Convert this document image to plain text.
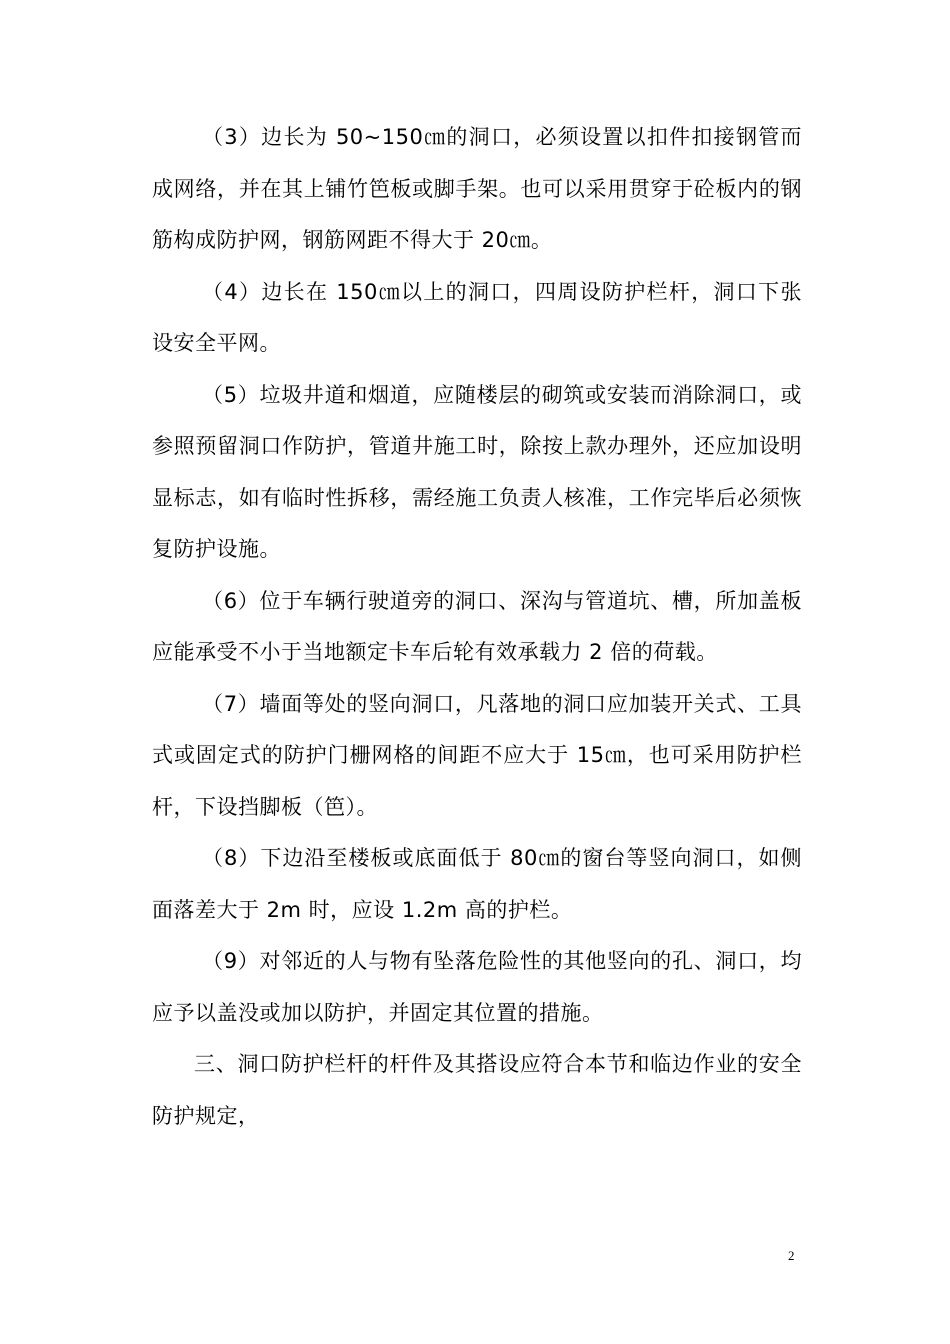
（3）边长为 50~150㎝的洞口，必须设置以扣件扣接钢管而成网络，并在其上铺竹笆板或脚手架。也可以采用贯穿于砼板内的钢筋构成防护网，钢筋网距不得大于 20㎝。

（4）边长在 150㎝以上的洞口，四周设防护栏杆，洞口下张设安全平网。

（5）垃圾井道和烟道，应随楼层的砌筑或安装而消除洞口，或参照预留洞口作防护，管道井施工时，除按上款办理外，还应加设明显标志，如有临时性拆移，需经施工负责人核准，工作完毕后必须恢复防护设施。

（6）位于车辆行驶道旁的洞口、深沟与管道坑、槽，所加盖板应能承受不小于当地额定卡车后轮有效承载力 2 倍的荷载。

（7）墙面等处的竖向洞口，凡落地的洞口应加装开关式、工具式或固定式的防护门栅网格的间距不应大于 15㎝，也可采用防护栏杆，下设挡脚板（笆）。

（8）下边沿至楼板或底面低于 80㎝的窗台等竖向洞口，如侧面落差大于 2m 时，应设 1.2m 高的护栏。

（9）对邻近的人与物有坠落危险性的其他竖向的孔、洞口，均应予以盖没或加以防护，并固定其位置的措施。

三、洞口防护栏杆的杆件及其搭设应符合本节和临边作业的安全防护规定，

2
